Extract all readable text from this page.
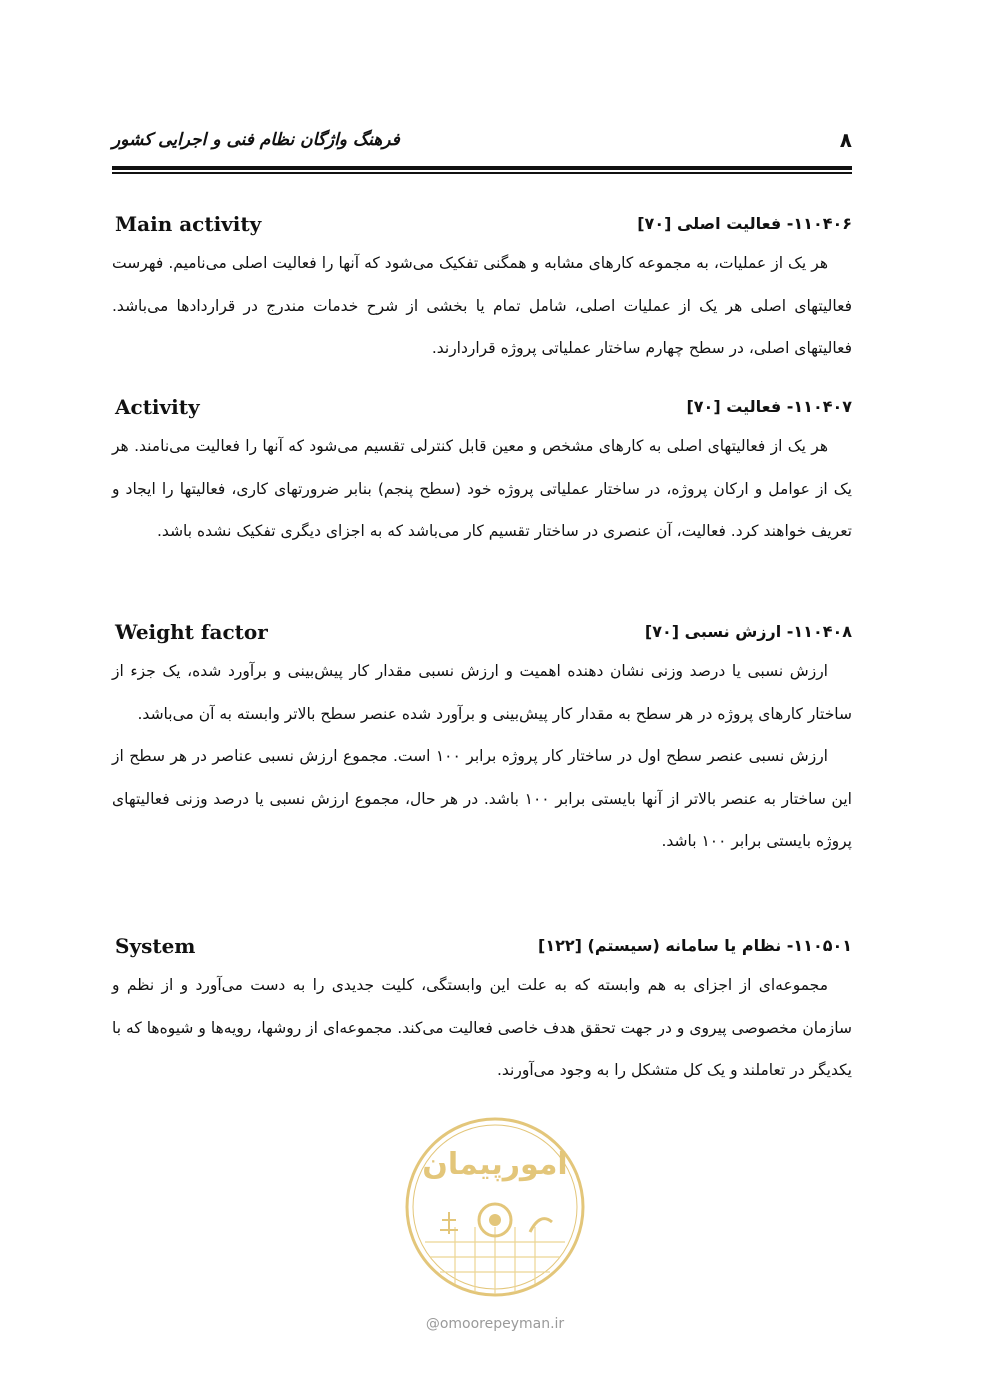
فرهنگ واژگان نظام فنی و اجرایی کشور	۸
Main activity	۱۱۰۴۰۶- فعالیت اصلی [۷۰]

هر یک از عملیات، به مجموعه کارهای مشابه و همگنی تفکیک می‌شود که آنها را فعالیت اصلی می‌نامیم. فهرست فعالیتهای اصلی هر یک از عملیات اصلی، شامل تمام یا بخشی از شرح خدمات مندرج در قراردادها می‌باشد. فعالیتهای اصلی، در سطح چهارم ساختار عملیاتی پروژه قراردارند.

Activity	۱۱۰۴۰۷- فعالیت [۷۰]

هر یک از فعالیتهای اصلی به کارهای مشخص و معین قابل کنترلی تقسیم می‌شود که آنها را فعالیت می‌نامند. هر یک از عوامل و ارکان پروژه، در ساختار عملیاتی پروژه خود (سطح پنجم) بنابر ضرورتهای کاری، فعالیتها را ایجاد و تعریف خواهند کرد. فعالیت، آن عنصری در ساختار تقسیم کار می‌باشد که به اجزای دیگری تفکیک نشده باشد.

Weight factor	۱۱۰۴۰۸- ارزش نسبی [۷۰]

ارزش نسبی یا درصد وزنی نشان دهنده اهمیت و ارزش نسبی مقدار کار پیش‌بینی و برآورد شده، یک جزء از ساختار کارهای پروژه در هر سطح به مقدار کار پیش‌بینی و برآورد شده عنصر سطح بالاتر وابسته به آن می‌باشد.

ارزش نسبی عنصر سطح اول در ساختار کار پروژه برابر ۱۰۰ است. مجموع ارزش نسبی عناصر در هر سطح از این ساختار به عنصر بالاتر از آنها بایستی برابر ۱۰۰ باشد. در هر حال، مجموع ارزش نسبی یا درصد وزنی فعالیتهای پروژه بایستی برابر ۱۰۰ باشد.

System	۱۱۰۵۰۱- نظام یا سامانه (سیستم) [۱۲۲]

مجموعه‌ای از اجزای به هم وابسته که به علت این وابستگی، کلیت جدیدی را به دست می‌آورد و از نظم و سازمان مخصوصی پیروی و در جهت تحقق هدف خاصی فعالیت می‌کند. مجموعه‌ای از روشها، رویه‌ها و شیوه‌ها که با یکدیگر در تعاملند و یک کل متشکل را به وجود می‌آورند.

امورپیمان
@omoorepeyman.ir
